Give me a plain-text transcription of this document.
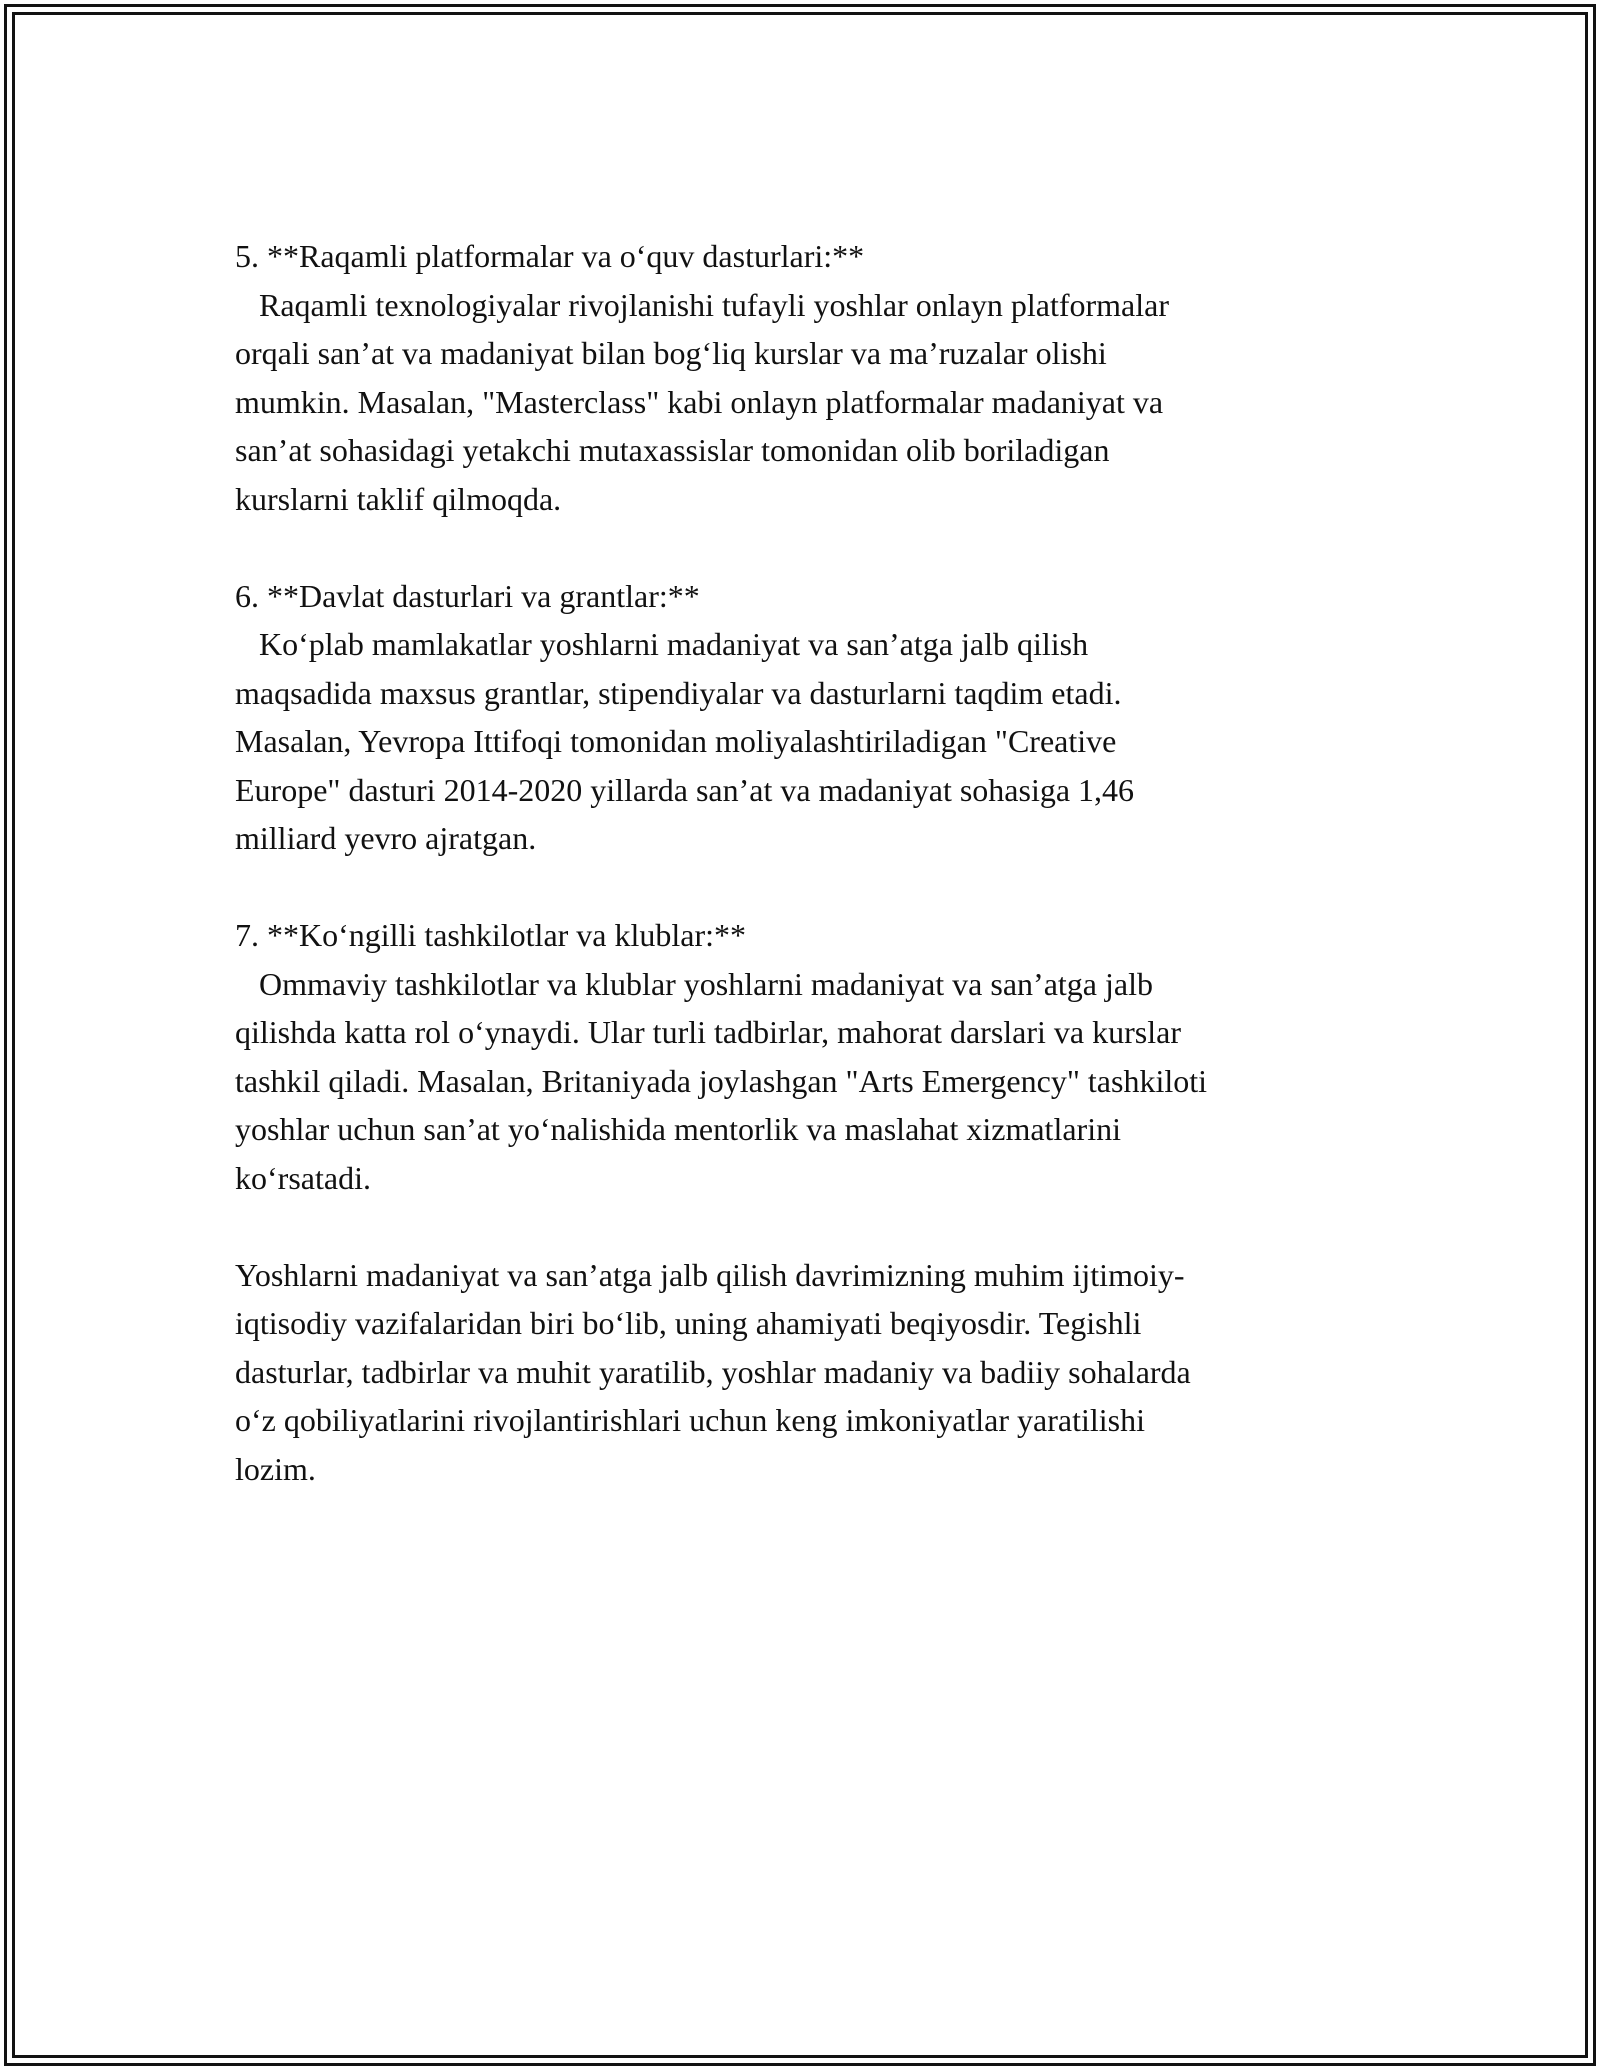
5. **Raqamli platformalar va o‘quv dasturlari:**
Raqamli texnologiyalar rivojlanishi tufayli yoshlar onlayn platformalar
orqali san’at va madaniyat bilan bog‘liq kurslar va ma’ruzalar olishi
mumkin. Masalan, "Masterclass" kabi onlayn platformalar madaniyat va
san’at sohasidagi yetakchi mutaxassislar tomonidan olib boriladigan
kurslarni taklif qilmoqda.
6. **Davlat dasturlari va grantlar:**
Ko‘plab mamlakatlar yoshlarni madaniyat va san’atga jalb qilish
maqsadida maxsus grantlar, stipendiyalar va dasturlarni taqdim etadi.
Masalan, Yevropa Ittifoqi tomonidan moliyalashtiriladigan "Creative
Europe" dasturi 2014-2020 yillarda san’at va madaniyat sohasiga 1,46
milliard yevro ajratgan.
7. **Ko‘ngilli tashkilotlar va klublar:**
Ommaviy tashkilotlar va klublar yoshlarni madaniyat va san’atga jalb
qilishda katta rol o‘ynaydi. Ular turli tadbirlar, mahorat darslari va kurslar
tashkil qiladi. Masalan, Britaniyada joylashgan "Arts Emergency" tashkiloti
yoshlar uchun san’at yo‘nalishida mentorlik va maslahat xizmatlarini
ko‘rsatadi.
Yoshlarni madaniyat va san’atga jalb qilish davrimizning muhim ijtimoiy-
iqtisodiy vazifalaridan biri bo‘lib, uning ahamiyati beqiyosdir. Tegishli
dasturlar, tadbirlar va muhit yaratilib, yoshlar madaniy va badiiy sohalarda
o‘z qobiliyatlarini rivojlantirishlari uchun keng imkoniyatlar yaratilishi
lozim.
